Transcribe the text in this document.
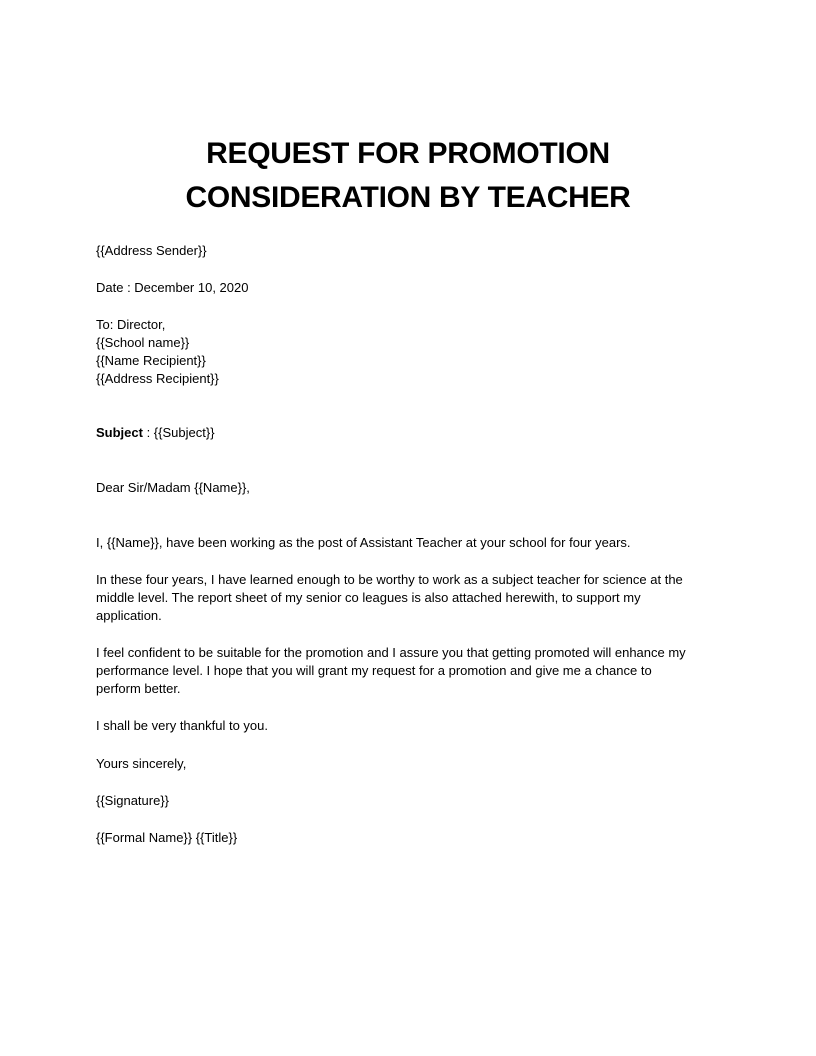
REQUEST FOR PROMOTION
CONSIDERATION BY TEACHER
{{Address Sender}}
Date : December 10, 2020
To: Director,
{{School name}}
{{Name Recipient}}
{{Address Recipient}}
Subject : {{Subject}}
Dear Sir/Madam {{Name}},
I, {{Name}}, have been working as the post of Assistant Teacher at your school for four years.
In these four years, I have learned enough to be worthy to work as a subject teacher for science at the
middle level. The report sheet of my senior co leagues is also attached herewith, to support my
application.
I feel confident to be suitable for the promotion and I assure you that getting promoted will enhance my
performance level. I hope that you will grant my request for a promotion and give me a chance to
perform better.
I shall be very thankful to you.
Yours sincerely,
{{Signature}}
{{Formal Name}} {{Title}}
